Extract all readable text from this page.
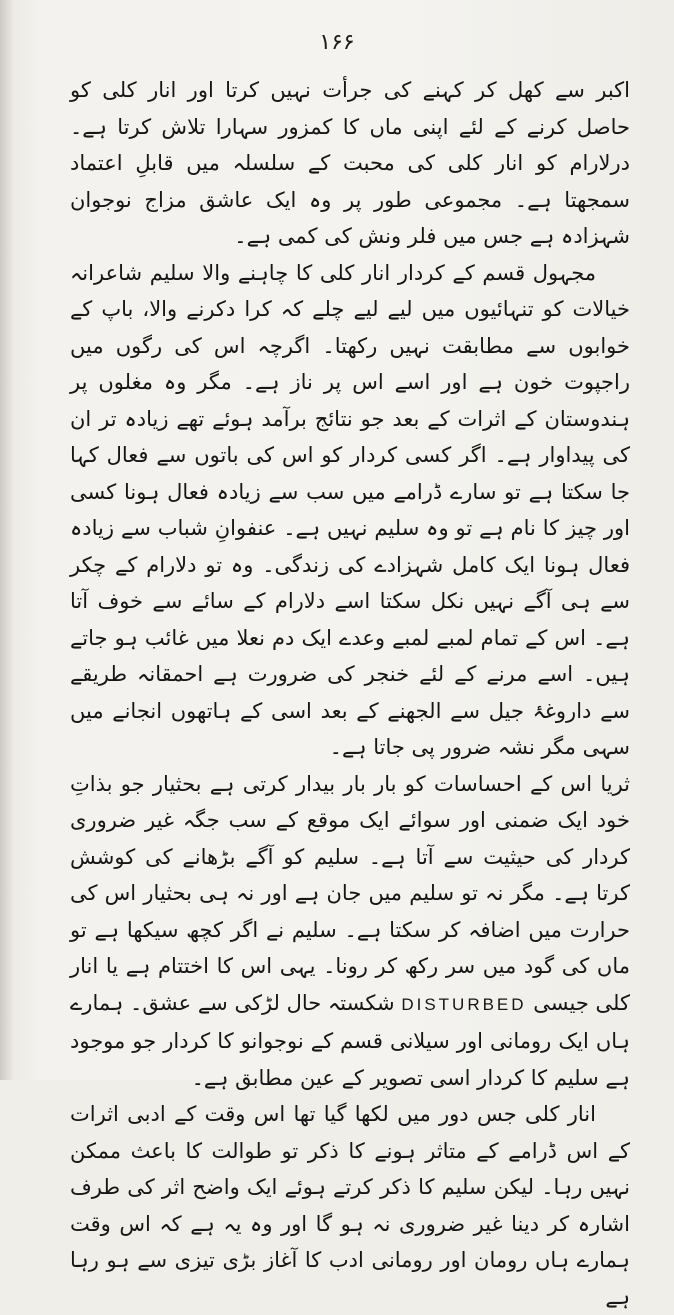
۱۶۶

اکبر سے کھل کر کہنے کی جرأت نہیں کرتا اور انار کلی کو حاصل کرنے کے لئے اپنی ماں کا کمزور سہارا تلاش کرتا ہے۔ درلارام کو انار کلی کی محبت کے سلسلہ میں قابلِ اعتماد سمجھتا ہے۔ مجموعی طور پر وہ ایک عاشق مزاج نوجوان شہزادہ ہے جس میں فلر ونش کی کمی ہے۔

مجہول قسم کے کردار انار کلی کا چاہنے والا سلیم شاعرانہ خیالات کو تنہائیوں میں لیے لیے چلے کہ کرا دکرنے والا، باپ کے خوابوں سے مطابقت نہیں رکھتا۔ اگرچہ اس کی رگوں میں راجپوت خون ہے اور اسے اس پر ناز ہے۔ مگر وہ مغلوں پر ہندوستان کے اثرات کے بعد جو نتائج برآمد ہوئے تھے زیادہ تر ان کی پیداوار ہے۔ اگر کسی کردار کو اس کی باتوں سے فعال کہا جا سکتا ہے تو سارے ڈرامے میں سب سے زیادہ فعال ہونا کسی اور چیز کا نام ہے تو وہ سلیم نہیں ہے۔ عنفوانِ شباب سے زیادہ فعال ہونا ایک کامل شہزادے کی زندگی۔ وہ تو دلارام کے چکر سے ہی آگے نہیں نکل سکتا اسے دلارام کے سائے سے خوف آتا ہے۔ اس کے تمام لمبے لمبے وعدے ایک دم نعلا میں غائب ہو جاتے ہیں۔ اسے مرنے کے لئے خنجر کی ضرورت ہے احمقانہ طریقے سے داروغۂ جیل سے الجھنے کے بعد اسی کے ہاتھوں انجانے میں سہی مگر نشہ ضرور پی جاتا ہے۔

ثریا اس کے احساسات کو بار بار بیدار کرتی ہے بحثیار جو بذاتِ خود ایک ضمنی اور سوائے ایک موقع کے سب جگہ غیر ضروری کردار کی حیثیت سے آتا ہے۔ سلیم کو آگے بڑھانے کی کوشش کرتا ہے۔ مگر نہ تو سلیم میں جان ہے اور نہ ہی بحثیار اس کی حرارت میں اضافہ کر سکتا ہے۔ سلیم نے اگر کچھ سیکھا ہے تو ماں کی گود میں سر رکھ کر رونا۔ یہی اس کا اختتام ہے یا انار کلی جیسی DISTURBED شکستہ حال لڑکی سے عشق۔ ہمارے ہاں ایک رومانی اور سیلانی قسم کے نوجوانو کا کردار جو موجود ہے سلیم کا کردار اسی تصویر کے عین مطابق ہے۔

انار کلی جس دور میں لکھا گیا تھا اس وقت کے ادبی اثرات کے اس ڈرامے کے متاثر ہونے کا ذکر تو طوالت کا باعث ممکن نہیں رہا۔ لیکن سلیم کا ذکر کرتے ہوئے ایک واضح اثر کی طرف اشارہ کر دینا غیر ضروری نہ ہو گا اور وہ یہ ہے کہ اس وقت ہمارے ہاں رومان اور رومانی ادب کا آغاز بڑی تیزی سے ہو رہا ہے
